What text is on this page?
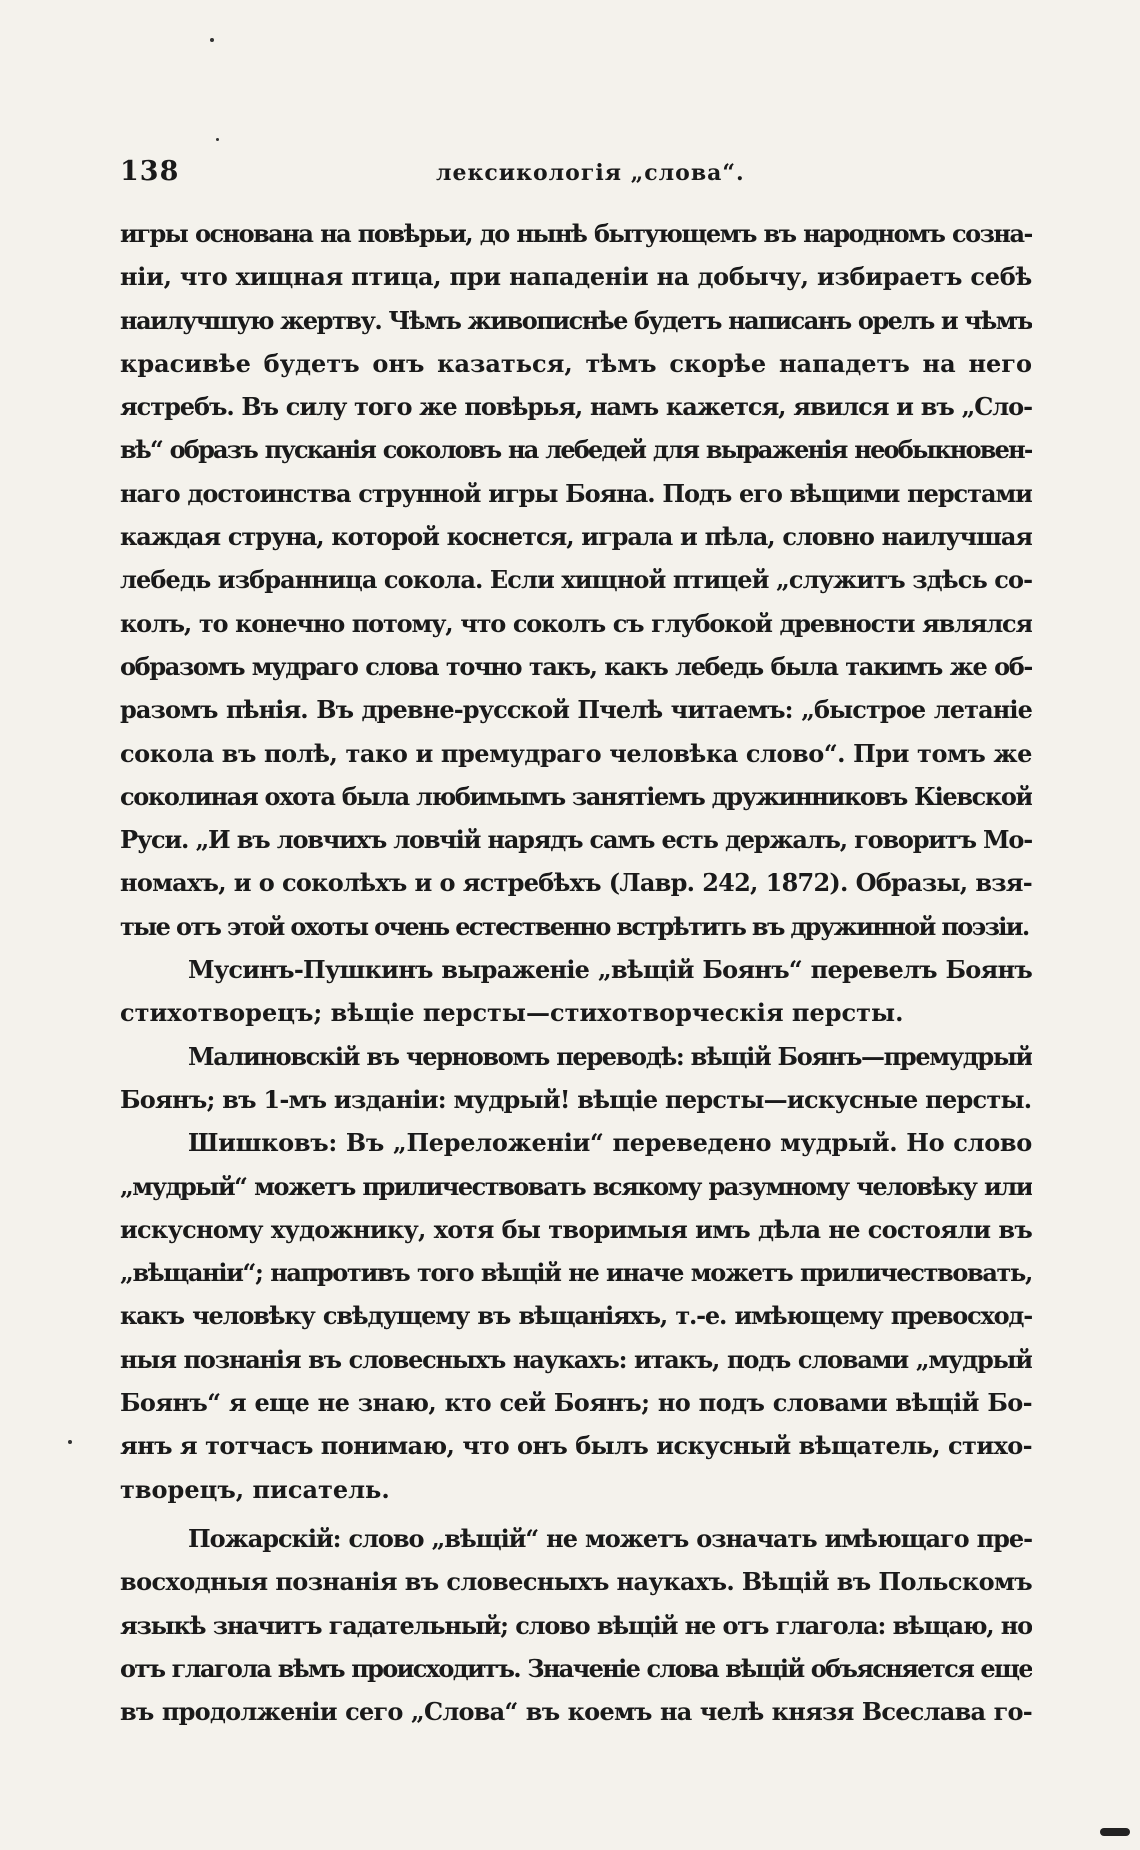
138	лексикологія „слова“.
игры основана на повѣрьи, до нынѣ бытующемъ въ народномъ созна-
ніи, что хищная птица, при нападеніи на добычу, избираетъ себѣ
наилучшую жертву. Чѣмъ живописнѣе будетъ написанъ орелъ и чѣмъ
красивѣе будетъ онъ казаться, тѣмъ скорѣе нападетъ на него
ястребъ. Въ силу того же повѣрья, намъ кажется, явился и въ „Сло-
вѣ“ образъ пусканія соколовъ на лебедей для выраженія необыкновен-
наго достоинства струнной игры Бояна. Подъ его вѣщими перстами
каждая струна, которой коснется, играла и пѣла, словно наилучшая
лебедь избранница сокола. Если хищной птицей „служитъ здѣсь со-
колъ, то конечно потому, что соколъ съ глубокой древности являлся
образомъ мудраго слова точно такъ, какъ лебедь была такимъ же об-
разомъ пѣнія. Въ древне-русской Пчелѣ читаемъ: „быстрое летаніе
сокола въ полѣ, тако и премудраго человѣка слово“. При томъ же
соколиная охота была любимымъ занятіемъ дружинниковъ Кіевской
Руси. „И въ ловчихъ ловчій нарядъ самъ есть держалъ, говоритъ Мо-
номахъ, и о соколѣхъ и о ястребѣхъ (Лавр. 242, 1872). Образы, взя-
тые отъ этой охоты очень естественно встрѣтить въ дружинной поэзіи.
Мусинъ-Пушкинъ выраженіе „вѣщій Боянъ“ перевелъ Боянъ
стихотворецъ; вѣщіе персты—стихотворческія персты.
Малиновскій въ черновомъ переводѣ: вѣщій Боянъ—премудрый
Боянъ; въ 1-мъ изданіи: мудрый! вѣщіе персты—искусные персты.
Шишковъ: Въ „Переложеніи“ переведено мудрый. Но слово
„мудрый“ можетъ приличествовать всякому разумному человѣку или
искусному художнику, хотя бы творимыя имъ дѣла не состояли въ
„вѣщаніи“; напротивъ того вѣщій не иначе можетъ приличествовать,
какъ человѣку свѣдущему въ вѣщаніяхъ, т.-е. имѣющему превосход-
ныя познанія въ словесныхъ наукахъ: итакъ, подъ словами „мудрый
Боянъ“ я еще не знаю, кто сей Боянъ; но подъ словами вѣщій Бо-
янъ я тотчасъ понимаю, что онъ былъ искусный вѣщатель, стихо-
творецъ, писатель.
Пожарскій: слово „вѣщій“ не можетъ означать имѣющаго пре-
восходныя познанія въ словесныхъ наукахъ. Вѣщій въ Польскомъ
языкѣ значитъ гадательный; слово вѣщій не отъ глагола: вѣщаю, но
отъ глагола вѣмъ происходитъ. Значеніе слова вѣщій объясняется еще
въ продолженіи сего „Слова“ въ коемъ на челѣ князя Всеслава го-
